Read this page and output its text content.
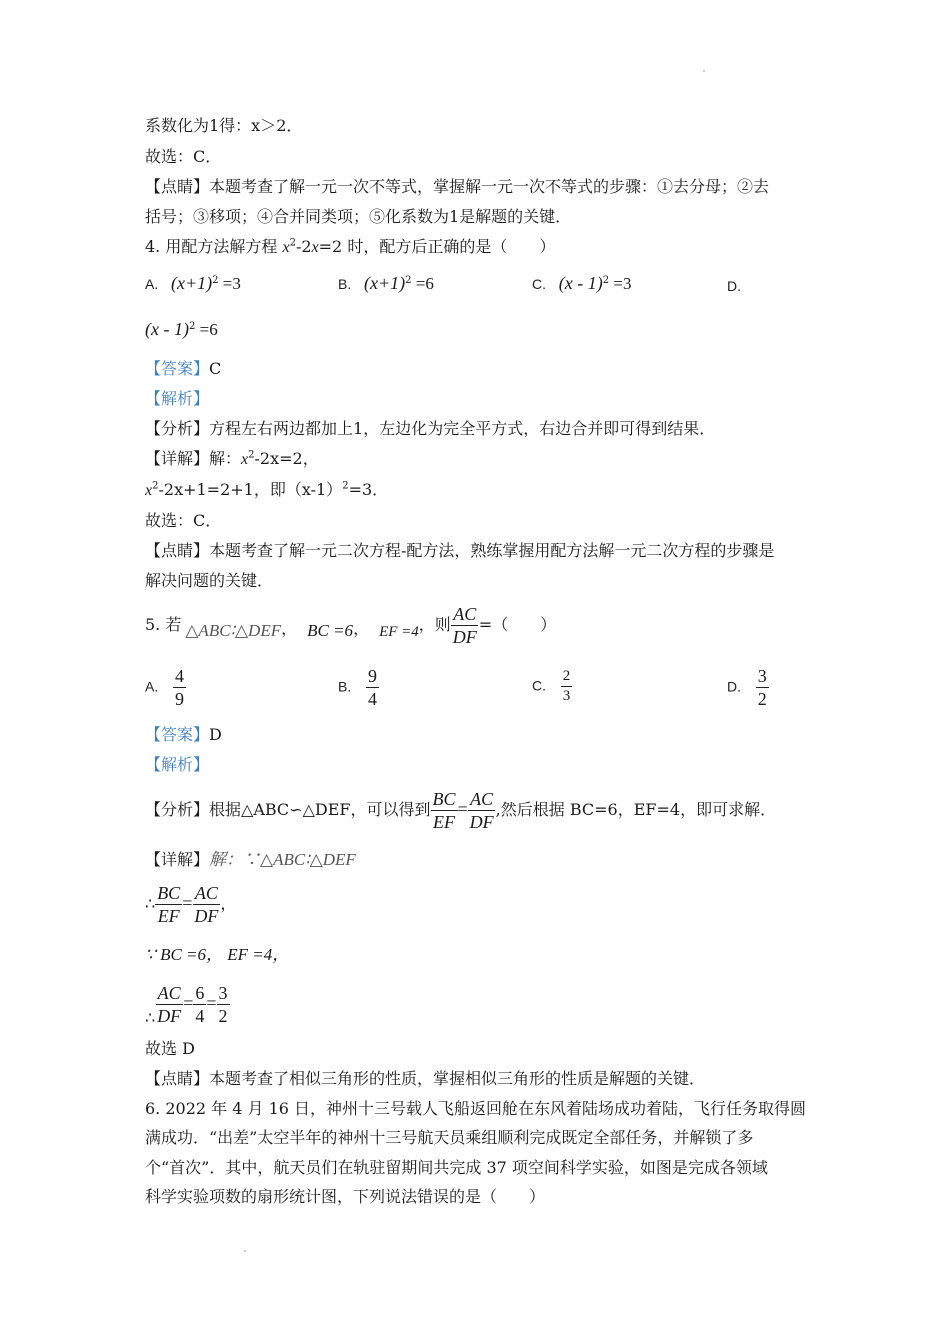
系数化为1得：x＞2．
故选：C．
【点睛】本题考查了解一元一次不等式，掌握解一元一次不等式的步骤：①去分母；②去
括号；③移项；④合并同类项；⑤化系数为1是解题的关键．
4. 用配方法解方程 $x^2-2x=2$ 时，配方后正确的是（　　）
A. $(x+1)^2 =3$	B. $(x+1)^2 =6$	C. (x - 1)$^2$ =3	D.
(x - 1)$^2$ =6
【答案】C
【解析】
【分析】方程左右两边都加上1，左边化为完全平方式，右边合并即可得到结果．
【详解】解：$x^2-2x=2$，
$x^2-2x+1=2+1$，即$(x-1)^2=3$．
故选：C．
【点睛】本题考查了解一元二次方程-配方法，熟练掌握用配方法解一元二次方程的步骤是
解决问题的关键．
5. 若 △ABC∶△DEF， BC =6， EF =4，则 $\frac{AC}{DF}$ =（　　）
A. $\frac{4}{9}$	B. $\frac{9}{4}$	C. $\frac{2}{3}$	D. $\frac{3}{2}$
【答案】D
【解析】
【分析】根据△ABC∽△DEF，可以得到 $\frac{BC}{EF} = \frac{AC}{DF}$ ,然后根据 BC=6，EF=4，即可求解．
【详解】解：∵△ABC∶△DEF
∴ $\frac{BC}{EF} = \frac{AC}{DF}$ ，
∵ BC =6， EF =4，
∴ $\frac{AC}{DF} = \frac{6}{4} = \frac{3}{2}$
故选 D
【点睛】本题考查了相似三角形的性质，掌握相似三角形的性质是解题的关键．
6. 2022 年 4 月 16 日，神州十三号载人飞船返回舱在东风着陆场成功着陆，飞行任务取得圆
满成功．“出差”太空半年的神州十三号航天员乘组顺利完成既定全部任务，并解锁了多
个“首次”．其中，航天员们在轨驻留期间共完成 37 项空间科学实验，如图是完成各领域
科学实验项数的扇形统计图，下列说法错误的是（　　）
